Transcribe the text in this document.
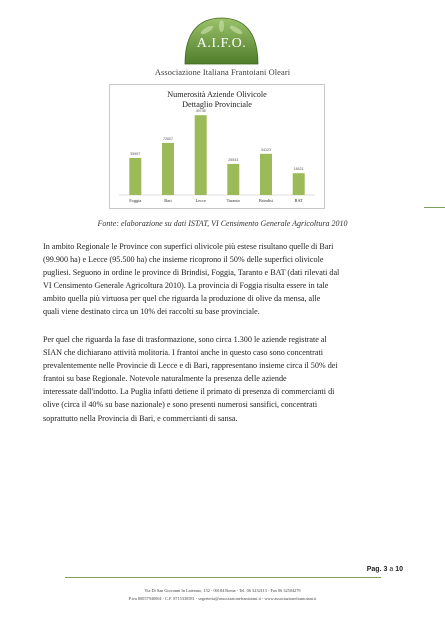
A.I.F.O.
Associazione Italiana Frantoiani Oleari
Numerosità Aziende Olivicole
Dettaglio Provinciale
35957
Foggia
72607
Bari
49738
Lecce
25543
Taranto
34123
Brindisi
18421
BAT
Fonte: elaborazione su dati ISTAT, VI Censimento Generale Agricoltura 2010
In ambito Regionale le Province con superfici olivicole più estese risultano quelle di Bari
(99.900 ha) e Lecce (95.500 ha) che insieme ricoprono il 50% delle superfici olivicole
pugliesi. Seguono in ordine le province di Brindisi, Foggia, Taranto e BAT (dati rilevati dal
VI Censimento Generale Agricoltura 2010). La provincia di Foggia risulta essere in tale
ambito quella più virtuosa per quel che riguarda la produzione di olive da mensa, alle
quali viene destinato circa un 10% dei raccolti su base provinciale.
Per quel che riguarda la fase di trasformazione, sono circa 1.300 le aziende registrate al
SIAN che dichiarano attività molitoria. I frantoi anche in questo caso sono concentrati
prevalentemente nelle Provincie di Lecce e di Bari, rappresentano insieme circa il 50% dei
frantoi su base Regionale. Notevole naturalmente la presenza delle aziende
interessate dall'indotto. La Puglia infatti detiene il primato di presenza di commercianti di
olive (circa il 40% su base nazionale) e sono presenti numerosi sansifici, concentrati
soprattutto nella Provincia di Bari, e commercianti di sansa.
Pag. 3 a 10
Via Di San Giovanni In Laterano, 152 - 00184 Roma - Tel. 06 3232113 - Fax 06 32504279
P.iva 80057940004 - C.F. 8715330581 - segreteria@associazionefrantoiani.it - www.associazionefrantoiani.it
